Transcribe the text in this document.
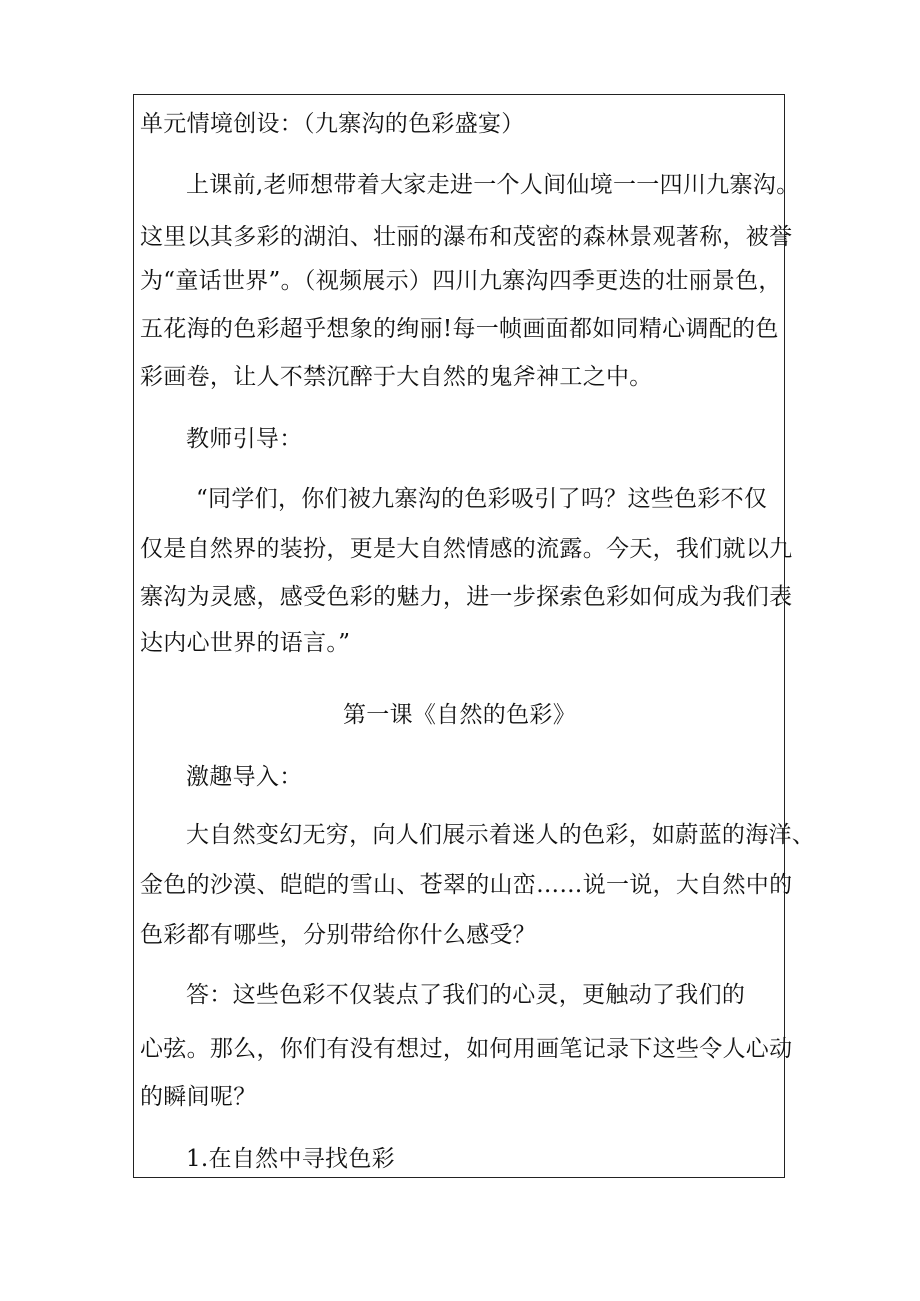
单元情境创设：（九寨沟的色彩盛宴）
上课前,老师想带着大家走进一个人间仙境一一四川九寨沟。
这里以其多彩的湖泊、壮丽的瀑布和茂密的森林景观著称，被誉
为“童话世界”。（视频展示）四川九寨沟四季更迭的壮丽景色，
五花海的色彩超乎想象的绚丽!每一帧画面都如同精心调配的色
彩画卷，让人不禁沉醉于大自然的鬼斧神工之中。
教师引导：
“同学们，你们被九寨沟的色彩吸引了吗？这些色彩不仅
仅是自然界的装扮，更是大自然情感的流露。今天，我们就以九
寨沟为灵感，感受色彩的魅力，进一步探索色彩如何成为我们表
达内心世界的语言。”
第一课《自然的色彩》
激趣导入：
大自然变幻无穷，向人们展示着迷人的色彩，如蔚蓝的海洋、
金色的沙漠、皑皑的雪山、苍翠的山峦……说一说，大自然中的
色彩都有哪些，分别带给你什么感受？
答：这些色彩不仅装点了我们的心灵，更触动了我们的
心弦。那么，你们有没有想过，如何用画笔记录下这些令人心动
的瞬间呢？
1.在自然中寻找色彩
